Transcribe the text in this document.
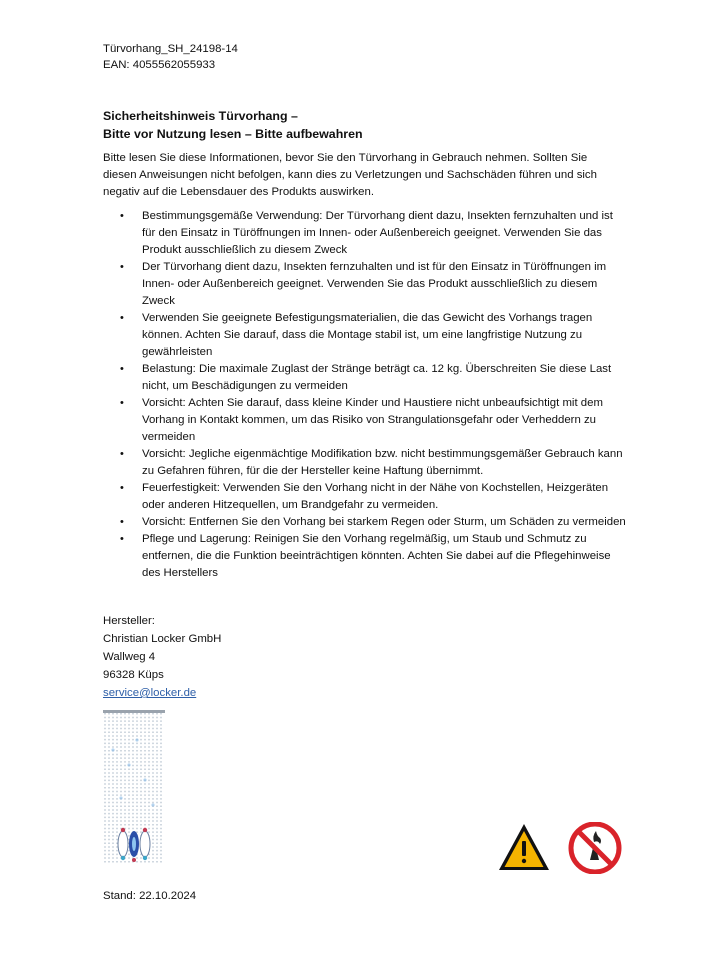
Türvorhang_SH_24198-14
EAN: 4055562055933
Sicherheitshinweis Türvorhang –
Bitte vor Nutzung lesen – Bitte aufbewahren
Bitte lesen Sie diese Informationen, bevor Sie den Türvorhang in Gebrauch nehmen. Sollten Sie diesen Anweisungen nicht befolgen, kann dies zu Verletzungen und Sachschäden führen und sich negativ auf die Lebensdauer des Produkts auswirken.
• Bestimmungsgemäße Verwendung: Der Türvorhang dient dazu, Insekten fernzuhalten und ist für den Einsatz in Türöffnungen im Innen- oder Außenbereich geeignet. Verwenden Sie das Produkt ausschließlich zu diesem Zweck
• Der Türvorhang dient dazu, Insekten fernzuhalten und ist für den Einsatz in Türöffnungen im Innen- oder Außenbereich geeignet. Verwenden Sie das Produkt ausschließlich zu diesem Zweck
• Verwenden Sie geeignete Befestigungsmaterialien, die das Gewicht des Vorhangs tragen können. Achten Sie darauf, dass die Montage stabil ist, um eine langfristige Nutzung zu gewährleisten
• Belastung: Die maximale Zuglast der Stränge beträgt ca. 12 kg. Überschreiten Sie diese Last nicht, um Beschädigungen zu vermeiden
• Vorsicht: Achten Sie darauf, dass kleine Kinder und Haustiere nicht unbeaufsichtigt mit dem Vorhang in Kontakt kommen, um das Risiko von Strangulationsgefahr oder Verheddern zu vermeiden
• Vorsicht: Jegliche eigenmächtige Modifikation bzw. nicht bestimmungsgemäßer Gebrauch kann zu Gefahren führen, für die der Hersteller keine Haftung übernimmt.
• Feuerfestigkeit: Verwenden Sie den Vorhang nicht in der Nähe von Kochstellen, Heizgeräten oder anderen Hitzequellen, um Brandgefahr zu vermeiden.
• Vorsicht: Entfernen Sie den Vorhang bei starkem Regen oder Sturm, um Schäden zu vermeiden
• Pflege und Lagerung: Reinigen Sie den Vorhang regelmäßig, um Staub und Schmutz zu entfernen, die die Funktion beeinträchtigen könnten. Achten Sie dabei auf die Pflegehinweise des Herstellers
Hersteller:
Christian Locker GmbH
Wallweg 4
96328 Küps
service@locker.de
Stand: 22.10.2024
